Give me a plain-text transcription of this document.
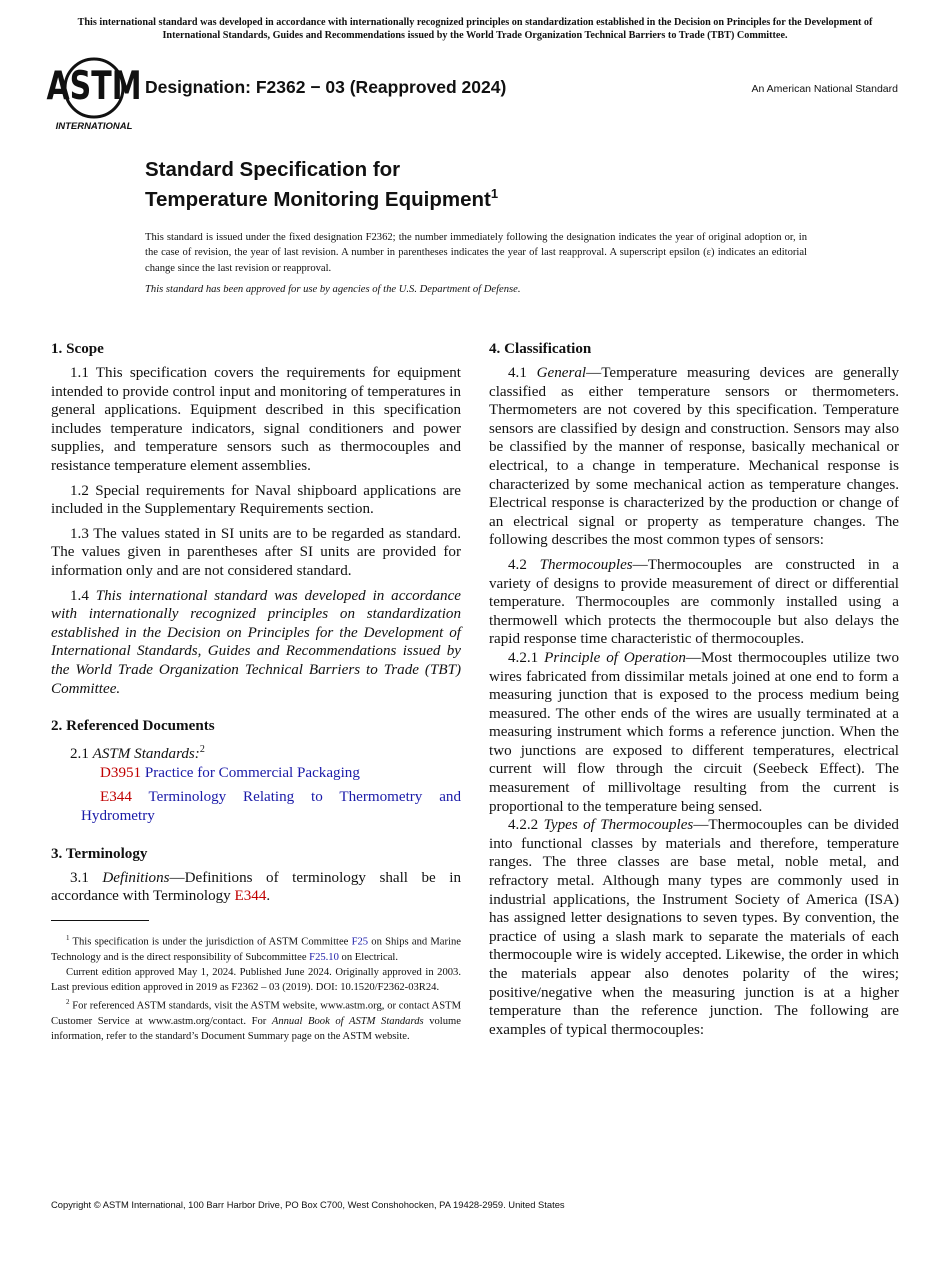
This international standard was developed in accordance with internationally recognized principles on standardization established in the Decision on Principles for the Development of International Standards, Guides and Recommendations issued by the World Trade Organization Technical Barriers to Trade (TBT) Committee.
ASTM
INTERNATIONAL
Designation: F2362 − 03 (Reapproved 2024)	An American National Standard
Standard Specification for
Temperature Monitoring Equipment$^1$
This standard is issued under the fixed designation F2362; the number immediately following the designation indicates the year of original adoption or, in the case of revision, the year of last revision. A number in parentheses indicates the year of last reapproval. A superscript epsilon (ε) indicates an editorial change since the last revision or reapproval.
This standard has been approved for use by agencies of the U.S. Department of Defense.
1. Scope

1.1 This specification covers the requirements for equipment intended to provide control input and monitoring of temperatures in general applications. Equipment described in this specification includes temperature indicators, signal conditioners and power supplies, and temperature sensors such as thermocouples and resistance temperature element assemblies.

1.2 Special requirements for Naval shipboard applications are included in the Supplementary Requirements section.

1.3 The values stated in SI units are to be regarded as standard. The values given in parentheses after SI units are provided for information only and are not considered standard.

1.4 This international standard was developed in accordance with internationally recognized principles on standardization established in the Decision on Principles for the Development of International Standards, Guides and Recommendations issued by the World Trade Organization Technical Barriers to Trade (TBT) Committee.

2. Referenced Documents

2.1 ASTM Standards:$^2$

D3951 Practice for Commercial Packaging

E344 Terminology Relating to Thermometry and Hydrometry

3. Terminology

3.1 Definitions—Definitions of terminology shall be in accordance with Terminology E344.

4. Classification

4.1 General—Temperature measuring devices are generally classified as either temperature sensors or thermometers. Thermometers are not covered by this specification. Temperature sensors are classified by design and construction. Sensors may also be classified by the manner of response, basically mechanical or electrical, to a change in temperature. Mechanical response is characterized by some mechanical action as temperature changes. Electrical response is characterized by the production or change of an electrical signal or property as temperature changes. The following describes the most common types of sensors:

4.2 Thermocouples—Thermocouples are constructed in a variety of designs to provide measurement of direct or differential temperature. Thermocouples are commonly installed using a thermowell which protects the thermocouple but also delays the rapid response time characteristic of thermocouples.

4.2.1 Principle of Operation—Most thermocouples utilize two wires fabricated from dissimilar metals joined at one end to form a measuring junction that is exposed to the process medium being measured. The other ends of the wires are usually terminated at a measuring instrument which forms a reference junction. When the two junctions are exposed to different temperatures, electrical current will flow through the circuit (Seebeck Effect). The measurement of millivoltage resulting from the current is proportional to the temperature being sensed.

4.2.2 Types of Thermocouples—Thermocouples can be divided into functional classes by materials and therefore, temperature ranges. The three classes are base metal, noble metal, and refractory metal. Although many types are commonly used in industrial applications, the Instrument Society of America (ISA) has assigned letter designations to seven types. By convention, the practice of using a slash mark to separate the materials of each thermocouple wire is widely accepted. Likewise, the order in which the materials appear also denotes polarity of the wires; positive/negative when the measuring junction is at a higher temperature than the reference junction. The following are examples of typical thermocouples:

$^1$ This specification is under the jurisdiction of ASTM Committee F25 on Ships and Marine Technology and is the direct responsibility of Subcommittee F25.10 on Electrical.

Current edition approved May 1, 2024. Published June 2024. Originally approved in 2003. Last previous edition approved in 2019 as F2362 – 03 (2019). DOI: 10.1520/F2362-03R24.

$^2$ For referenced ASTM standards, visit the ASTM website, www.astm.org, or contact ASTM Customer Service at www.astm.org/contact. For Annual Book of ASTM Standards volume information, refer to the standard’s Document Summary page on the ASTM website.

Copyright © ASTM International, 100 Barr Harbor Drive, PO Box C700, West Conshohocken, PA 19428-2959. United States
